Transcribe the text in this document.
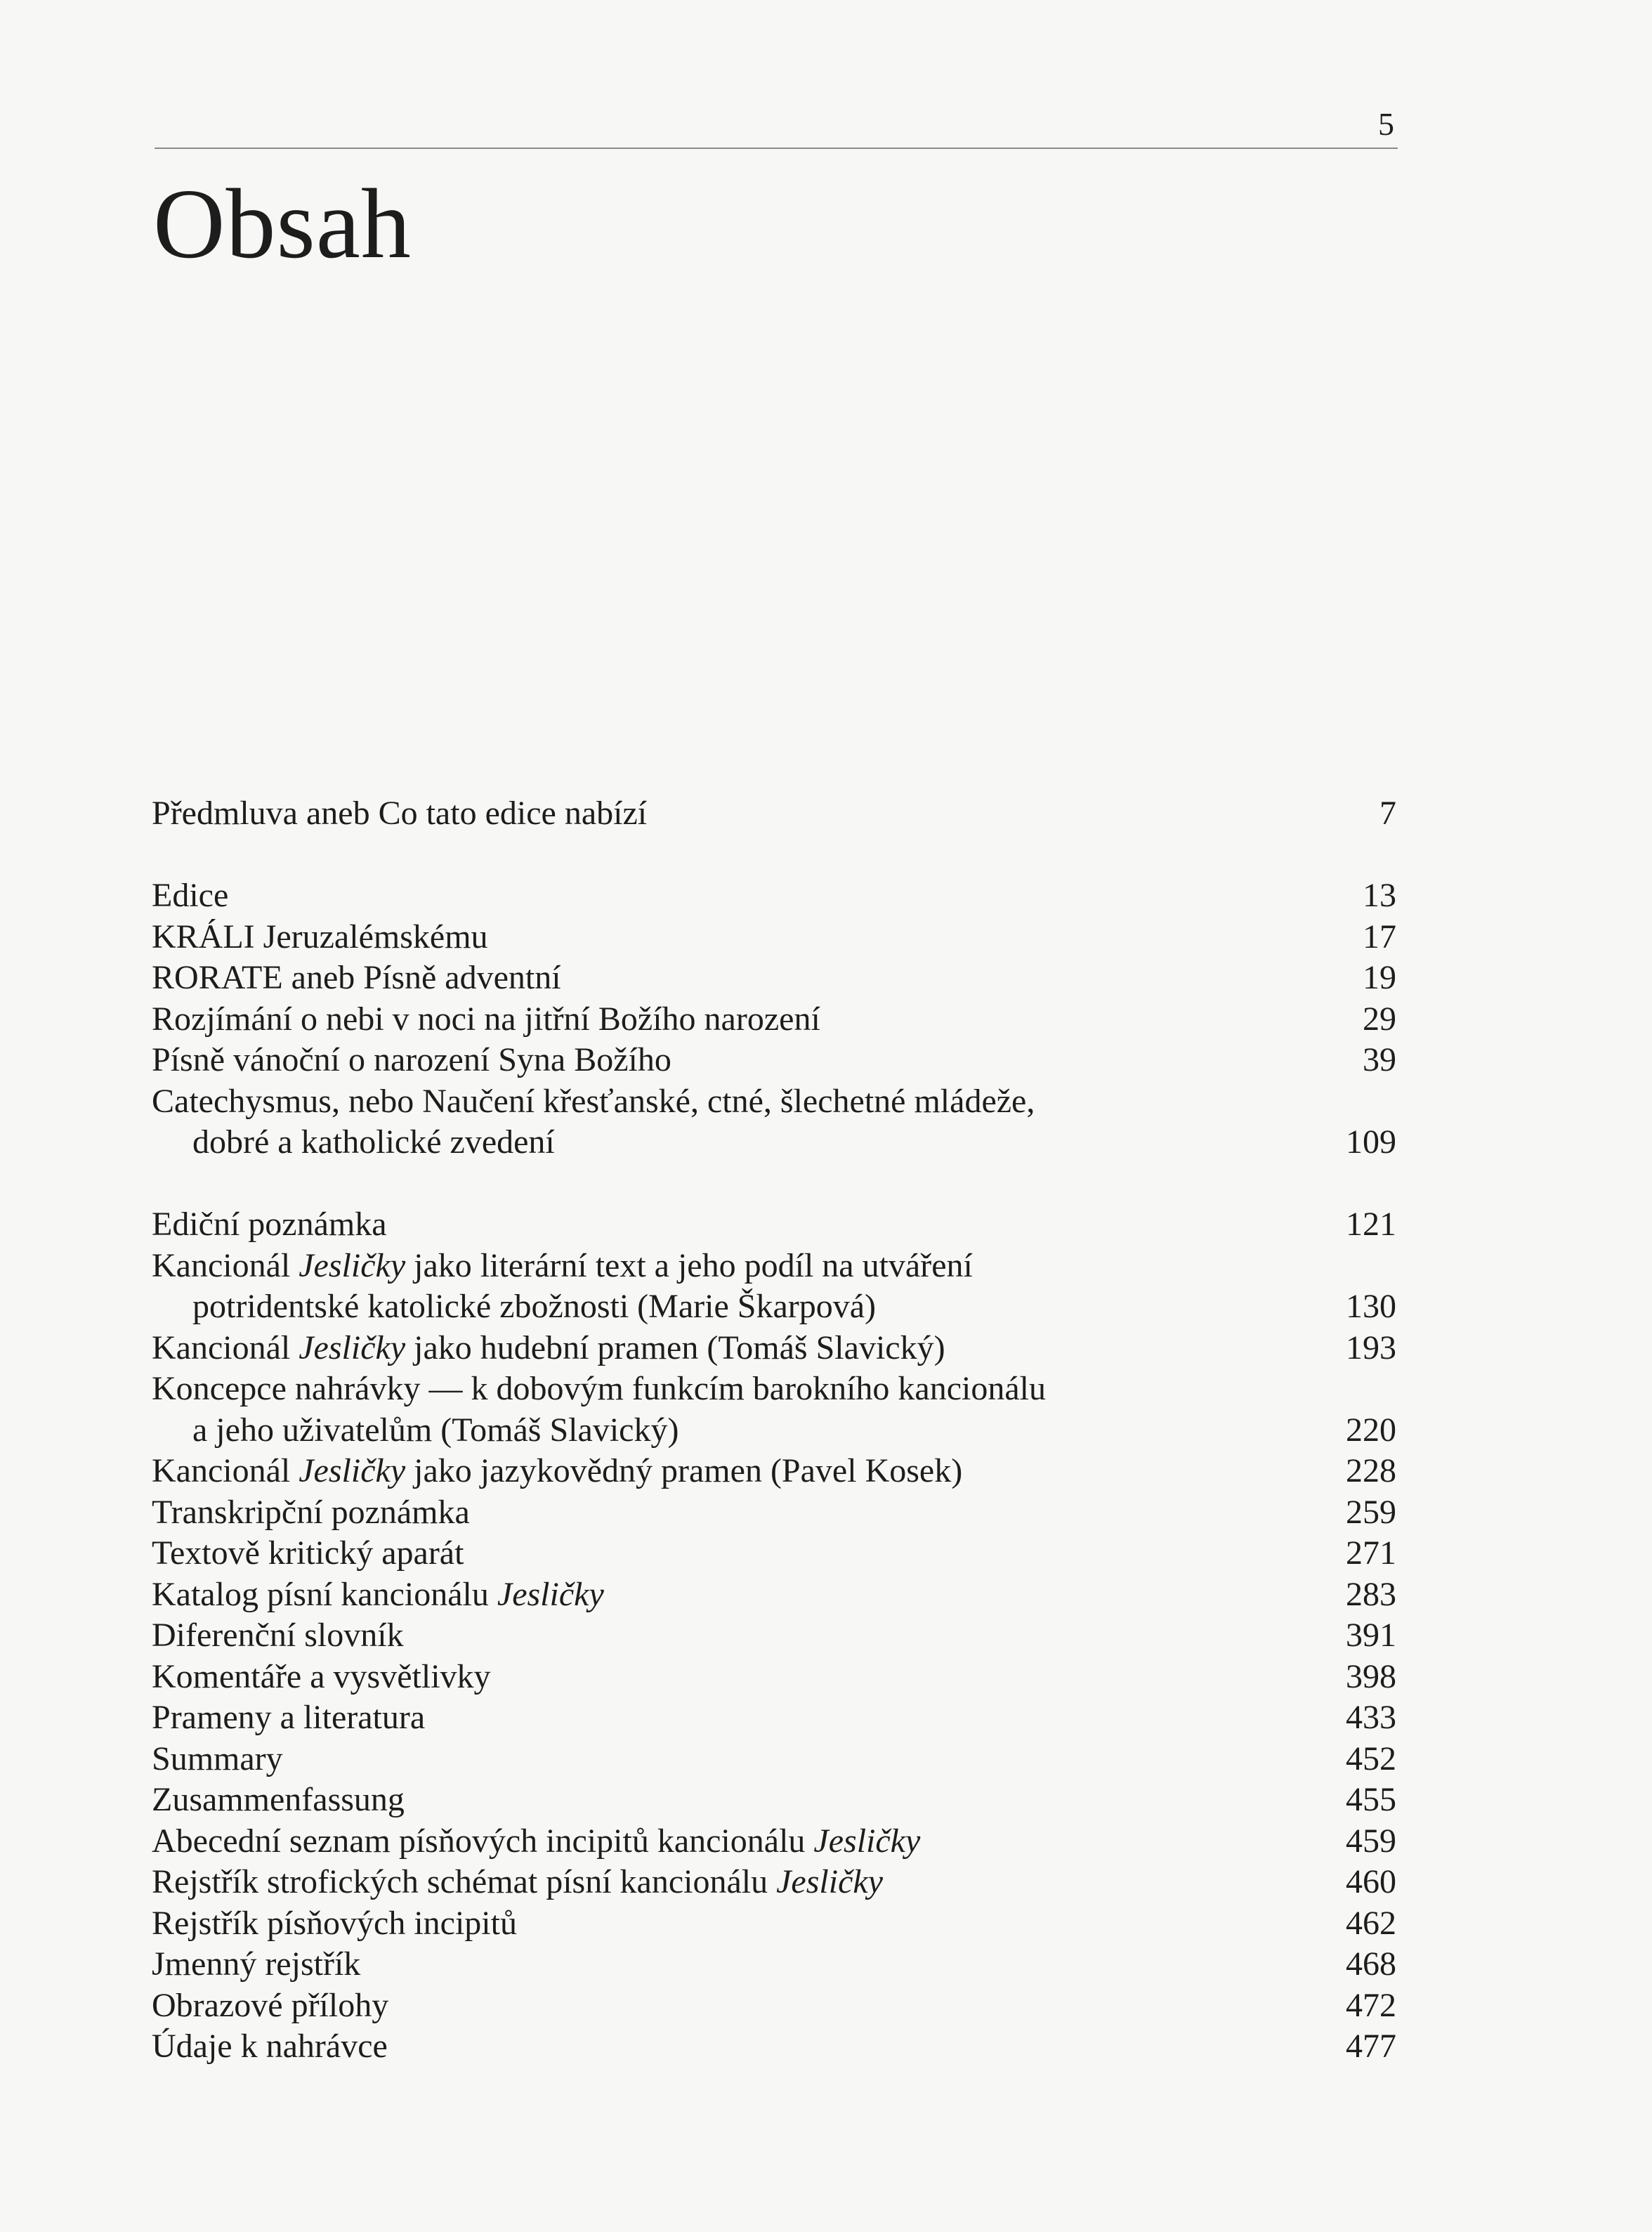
5
Obsah
Předmluva aneb Co tato edice nabízí	7
Edice	13
KRÁLI Jeruzalémskému	17
RORATE aneb Písně adventní	19
Rozjímání o nebi v noci na jitřní Božího narození	29
Písně vánoční o narození Syna Božího	39
Catechysmus, nebo Naučení křesťanské, ctné, šlechetné mládeže,
dobré a katholické zvedení	109
Ediční poznámka	121
Kancionál Jesličky jako literární text a jeho podíl na utváření
potridentské katolické zbožnosti (Marie Škarpová)	130
Kancionál Jesličky jako hudební pramen (Tomáš Slavický)	193
Koncepce nahrávky — k dobovým funkcím barokního kancionálu
a jeho uživatelům (Tomáš Slavický)	220
Kancionál Jesličky jako jazykovědný pramen (Pavel Kosek)	228
Transkripční poznámka	259
Textově kritický aparát	271
Katalog písní kancionálu Jesličky	283
Diferenční slovník	391
Komentáře a vysvětlivky	398
Prameny a literatura	433
Summary	452
Zusammenfassung	455
Abecední seznam písňových incipitů kancionálu Jesličky	459
Rejstřík strofických schémat písní kancionálu Jesličky	460
Rejstřík písňových incipitů	462
Jmenný rejstřík	468
Obrazové přílohy	472
Údaje k nahrávce	477
